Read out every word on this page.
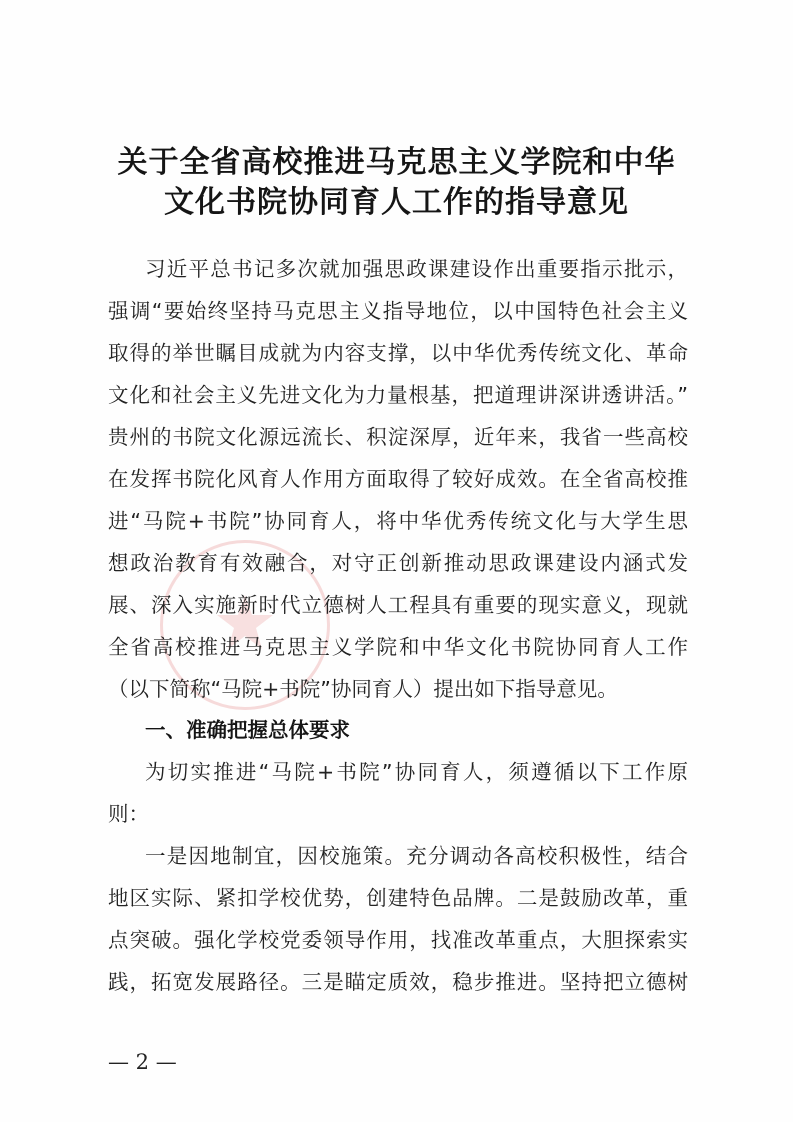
关于全省高校推进马克思主义学院和中华
文化书院协同育人工作的指导意见
习近平总书记多次就加强思政课建设作出重要指示批示，
强调“要始终坚持马克思主义指导地位，以中国特色社会主义
取得的举世瞩目成就为内容支撑，以中华优秀传统文化、革命
文化和社会主义先进文化为力量根基，把道理讲深讲透讲活。”
贵州的书院文化源远流长、积淀深厚，近年来，我省一些高校
在发挥书院化风育人作用方面取得了较好成效。在全省高校推
进“马院+书院”协同育人，将中华优秀传统文化与大学生思
想政治教育有效融合，对守正创新推动思政课建设内涵式发
展、深入实施新时代立德树人工程具有重要的现实意义，现就
全省高校推进马克思主义学院和中华文化书院协同育人工作
（以下简称“马院+书院”协同育人）提出如下指导意见。
一、准确把握总体要求
为切实推进“马院+书院”协同育人，须遵循以下工作原
则：
一是因地制宜，因校施策。充分调动各高校积极性，结合
地区实际、紧扣学校优势，创建特色品牌。二是鼓励改革，重
点突破。强化学校党委领导作用，找准改革重点，大胆探索实
践，拓宽发展路径。三是瞄定质效，稳步推进。坚持把立德树
— 2 —
